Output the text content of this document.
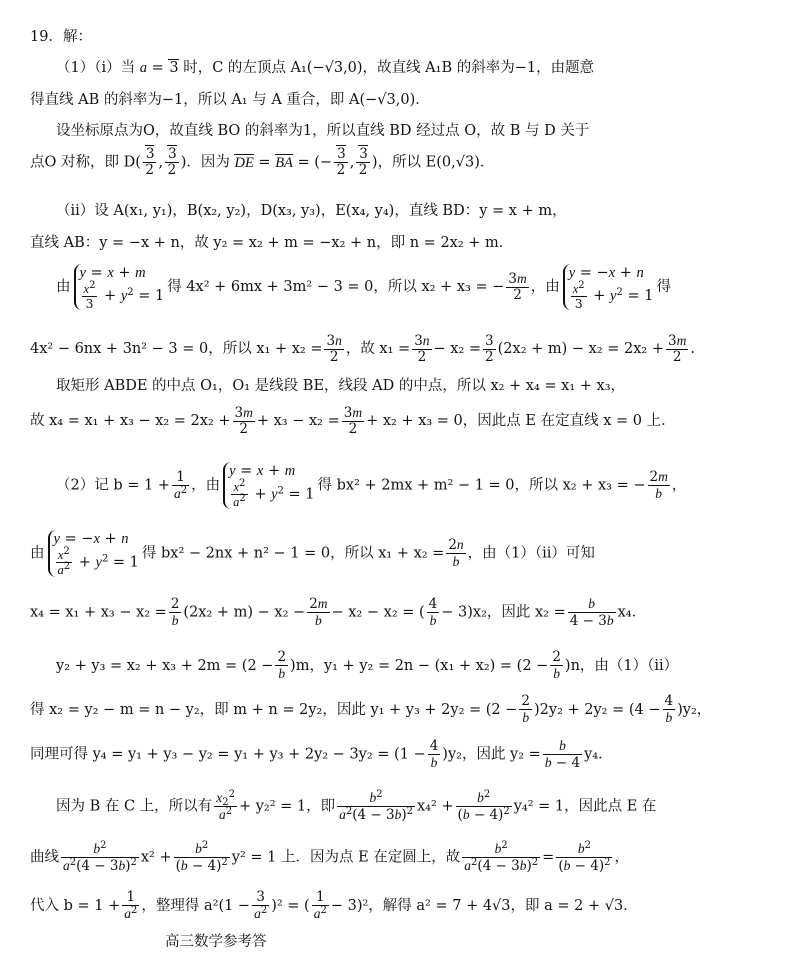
19．解：
（1）（i）当 a = 3 时，C 的左顶点 A₁(−√3,0)，故直线 A₁B 的斜率为−1，由题意
得直线 AB 的斜率为−1，所以 A₁ 与 A 重合，即 A(−√3,0)．
设坐标原点为O，故直线 BO 的斜率为1，所以直线 BD 经过点 O，故 B 与 D 关于
点O 对称，即 $D( \frac{3}{2}$ , $\frac{3}{2}$ )．因为 DE = BA = (− $\frac{3}{2}$ , $\frac{3}{2}$ )，所以 E(0,√3)．
（ii）设 A(x₁, y₁)，B(x₂, y₂)，D(x₃, y₃)，E(x₄, y₄)，直线 BD：y = x + m，
直线 AB：y = −x + n，故 y₂ = x₂ + m = −x₂ + n，即 n = 2x₂ + m．
由
y = x + m
$\frac{x^2}{3} + y^2 = 1$
得 4x² + 6mx + 3m² − 3 = 0，所以 x₂ + x₃ = − $\frac{3m}{2}$ ，由
y = −x + n
$\frac{x^2}{3} + y^2 = 1$
得
4x² − 6nx + 3n² − 3 = 0，所以 $x_1 + x_2 = \frac{3n}{2}$ ，故 $x_1 = \frac{3n}{2} - x_2 = \frac{3}{2} (2x_2 + m) - x_2 = 2x_2 + \frac{3m}{2}$ .
取矩形 ABDE 的中点 O₁，O₁ 是线段 BE，线段 AD 的中点，所以 x₂ + x₄ = x₁ + x₃，
故 $x_4 = x_1 + x_3 - x_2 = 2x_2 + \frac{3m}{2} + x_3 - x_2 = \frac{3m}{2} + x_2 + x_3 = 0$，因此点 E 在定直线 x = 0 上．
（2）记 $b = 1 + \frac{1}{a^2}$ ，由
y = x + m
$\frac{x^2}{a^2} + y^2 = 1$
得 bx² + 2mx + m² − 1 = 0，所以 x₂ + x₃ = − $\frac{2m}{b}$ ，
由
y = −x + n
$\frac{x^2}{a^2} + y^2 = 1$
得 bx² − 2nx + n² − 1 = 0，所以 $x_1 + x_2 = \frac{2n}{b}$ ，由（1）（ii）可知
$x_4 = x_1 + x_3 - x_2 = \frac{2}{b} (2x_2 + m) - x_2 - \frac{2m}{b} - x_2 - x_2$ = ( $\frac{4}{b} - 3)x_2$，因此 $x_2 = \frac{b}{4 - 3b} x_4$．
$y_2 + y_3 = x_2 + x_3 + 2m = (2 - \frac{2}{b} )m$，$y_1 + y_2 = 2n - (x_1 + x_2) = (2 - \frac{2}{b} )n$，由（1）（ii）
得 x₂ = y₂ − m = n − y₂，即 m + n = 2y₂，因此 $y_1 + y_3 + 2y_2 = (2 - \frac{2}{b} )2y_2 + 2y_2 = (4 - \frac{4}{b} )y_2$，
同理可得 $y_4 = y_1 + y_3 - y_2 = y_1 + y_3 + 2y_2 - 3y_2 = (1 - \frac{4}{b} )y_2$，因此 $y_2 = \frac{b}{b - 4} y_4$．
因为 B 在 C 上，所以有 $\frac{x_2^2}{a^2} + y_2^2 = 1$，即 $\frac{b^2}{a^2(4 - 3b)^2} x_4^2 + \frac{b^2}{(b - 4)^2} y_4^2 = 1$，因此点 E 在
曲线 $\frac{b^2}{a^2(4 - 3b)^2} x^2 + \frac{b^2}{(b - 4)^2} y^2 = 1$ 上．因为点 E 在定圆上，故 $\frac{b^2}{a^2(4 - 3b)^2} = \frac{b^2}{(b - 4)^2}$ ，
代入 $b = 1 + \frac{1}{a^2}$ ，整理得 $a^2(1 - \frac{3}{a^2} )^2$ = ( $\frac{1}{a^2} - 3)^2$，解得 a² = 7 + 4√3，即 a = 2 + √3．
高三数学参考答
